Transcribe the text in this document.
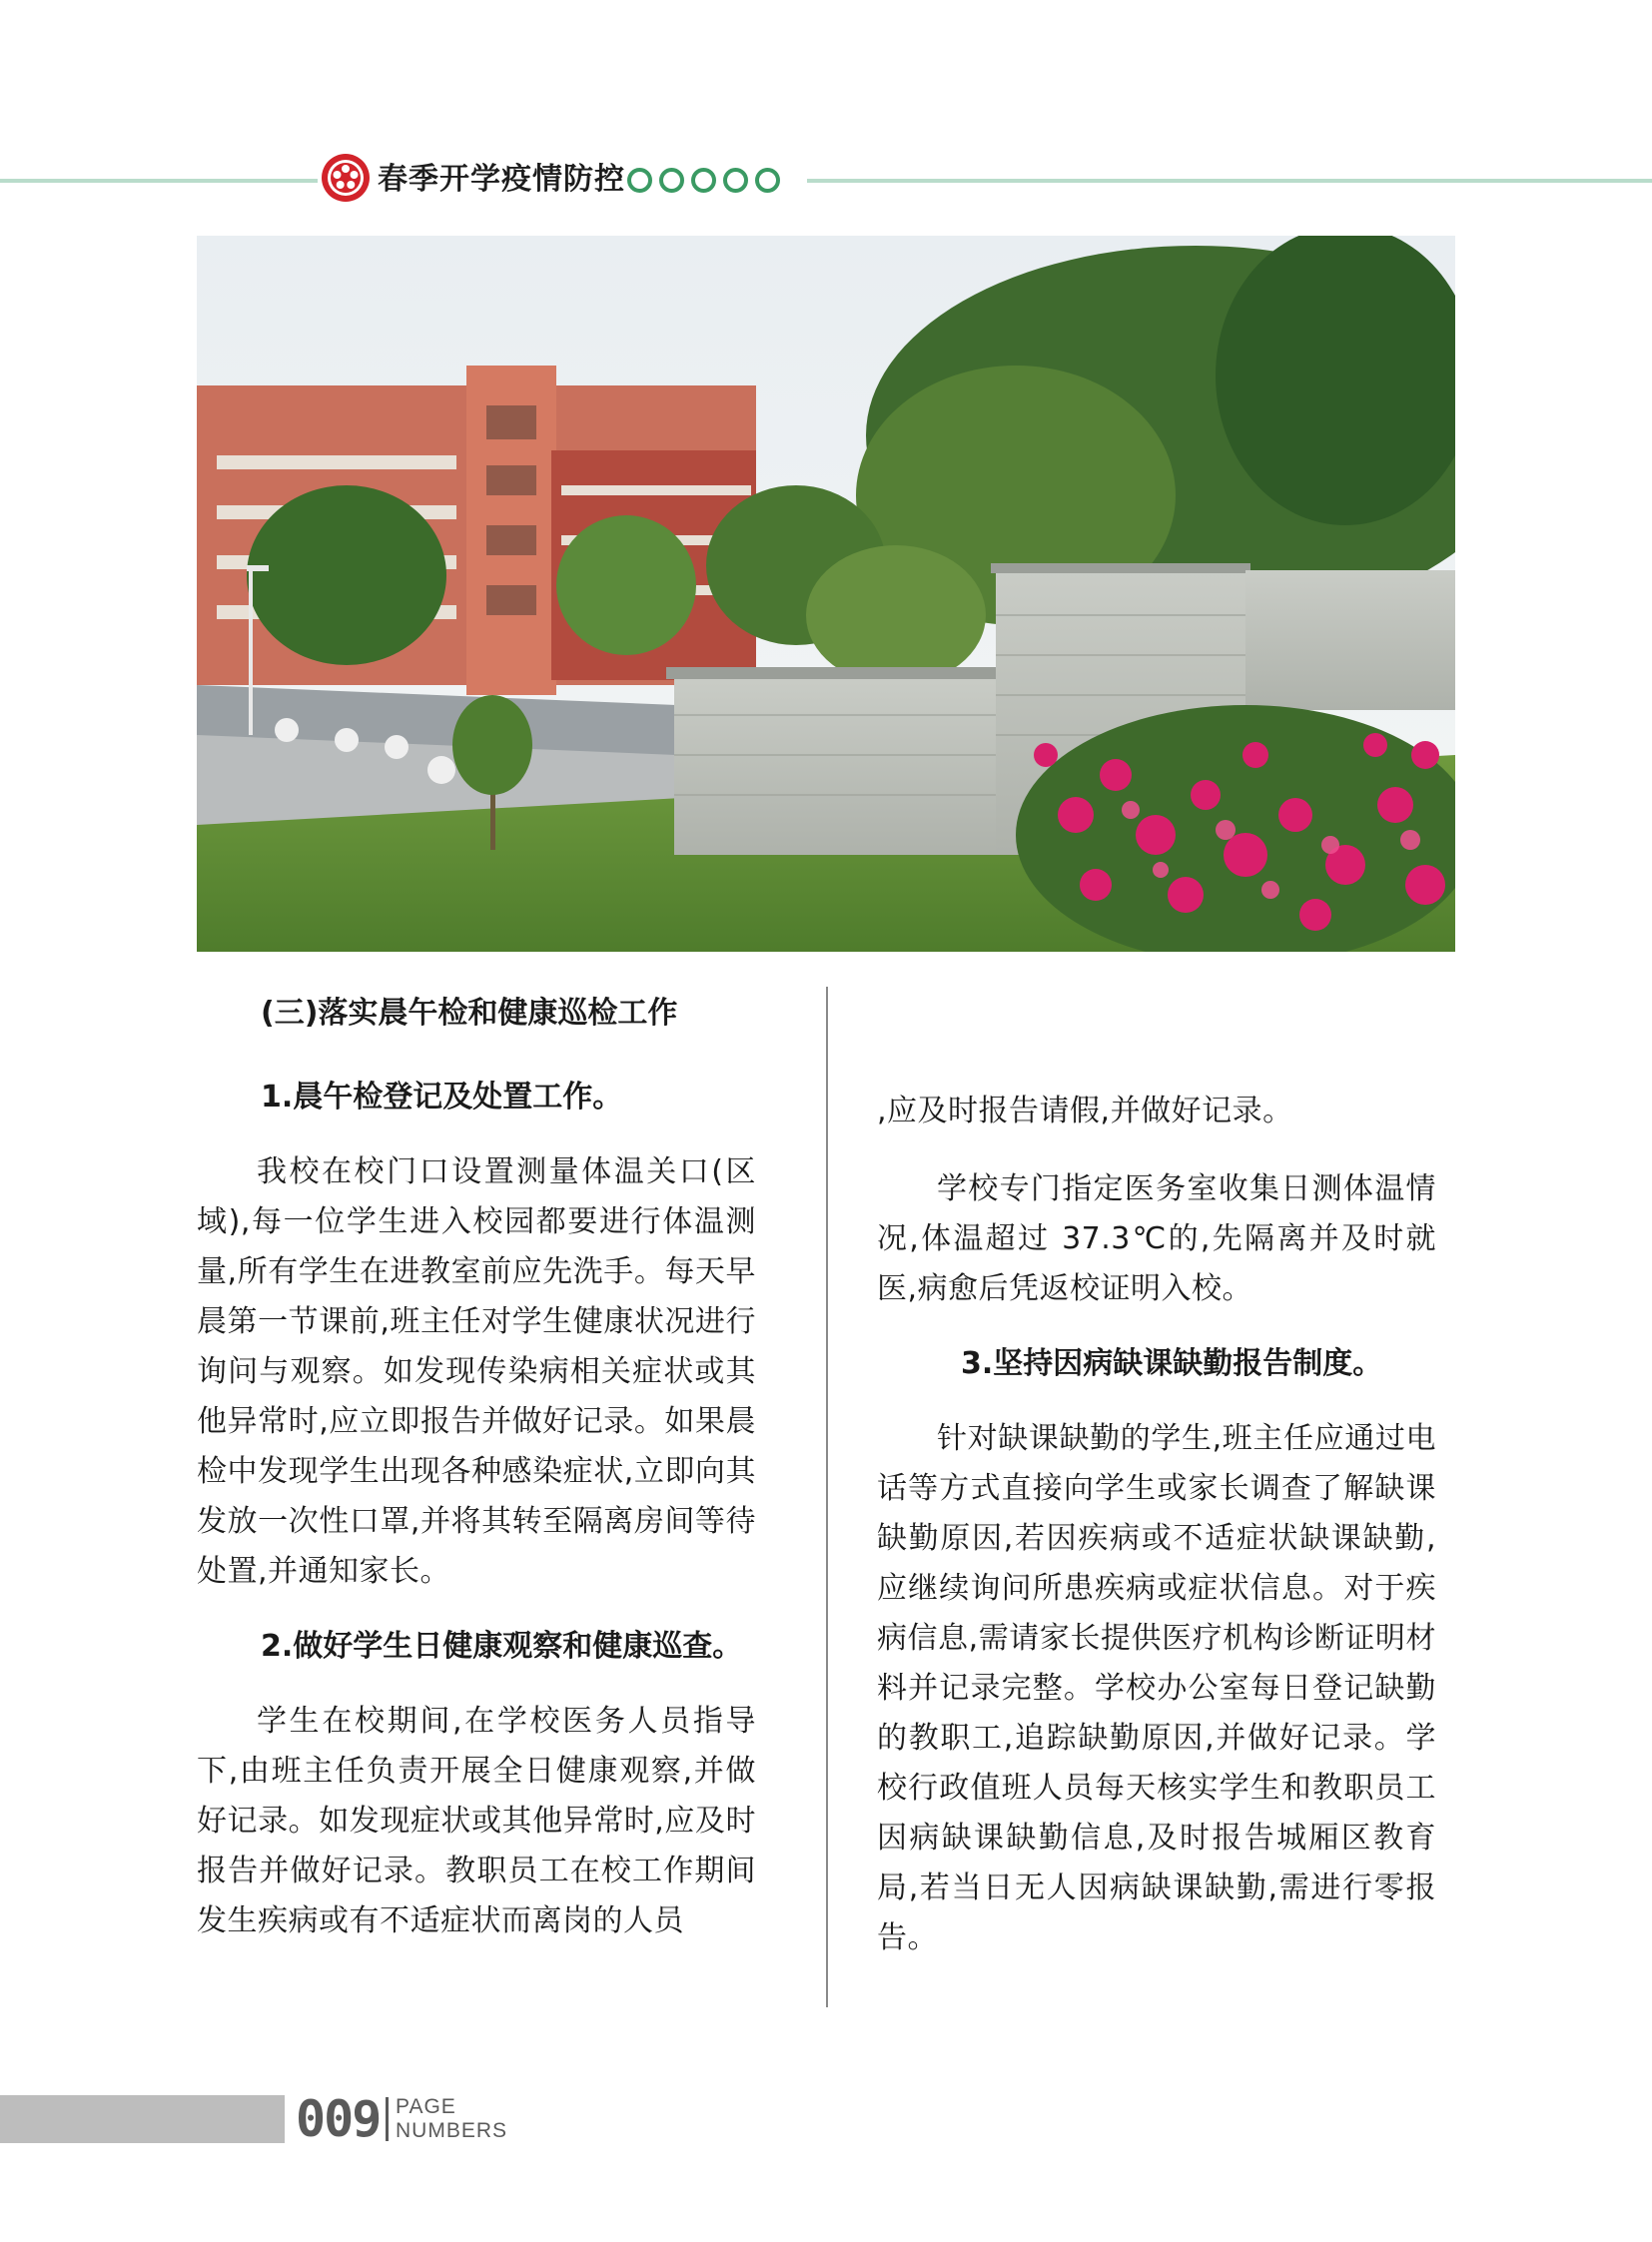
春季开学疫情防控
(三)落实晨午检和健康巡检工作
1.晨午检登记及处置工作。

我校在校门口设置测量体温关口(区域),每一位学生进入校园都要进行体温测量,所有学生在进教室前应先洗手。每天早晨第一节课前,班主任对学生健康状况进行询问与观察。如发现传染病相关症状或其他异常时,应立即报告并做好记录。如果晨检中发现学生出现各种感染症状,立即向其发放一次性口罩,并将其转至隔离房间等待处置,并通知家长。

2.做好学生日健康观察和健康巡查。

学生在校期间,在学校医务人员指导下,由班主任负责开展全日健康观察,并做好记录。如发现症状或其他异常时,应及时报告并做好记录。教职员工在校工作期间发生疾病或有不适症状而离岗的人员

,应及时报告请假,并做好记录。

学校专门指定医务室收集日测体温情况,体温超过 37.3℃的,先隔离并及时就医,病愈后凭返校证明入校。

3.坚持因病缺课缺勤报告制度。

针对缺课缺勤的学生,班主任应通过电话等方式直接向学生或家长调查了解缺课缺勤原因,若因疾病或不适症状缺课缺勤,应继续询问所患疾病或症状信息。对于疾病信息,需请家长提供医疗机构诊断证明材料并记录完整。学校办公室每日登记缺勤的教职工,追踪缺勤原因,并做好记录。学校行政值班人员每天核实学生和教职员工因病缺课缺勤信息,及时报告城厢区教育局,若当日无人因病缺课缺勤,需进行零报告。

009 PAGE
NUMBERS
